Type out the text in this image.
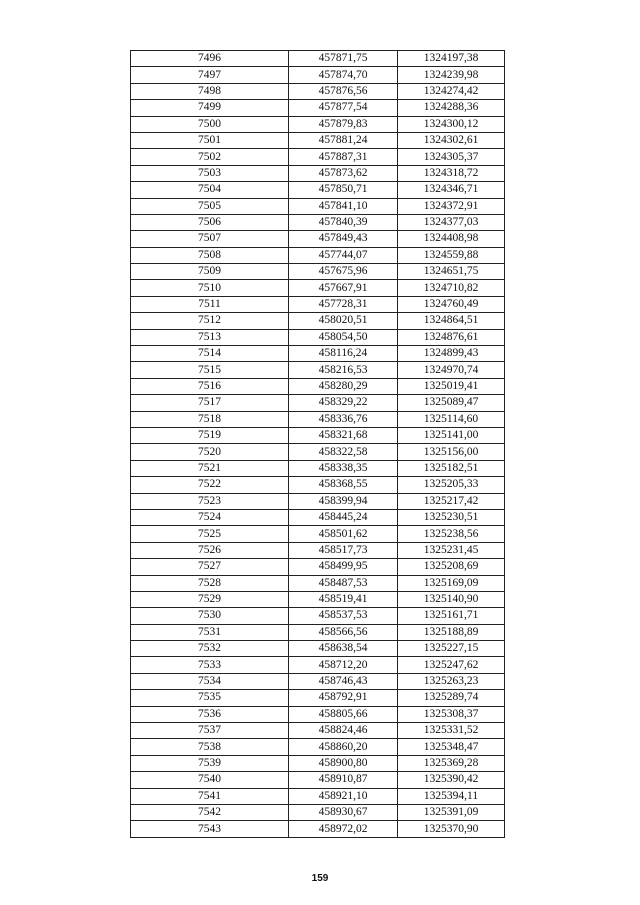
7496	457871,75	1324197,38
7497	457874,70	1324239,98
7498	457876,56	1324274,42
7499	457877,54	1324288,36
7500	457879,83	1324300,12
7501	457881,24	1324302,61
7502	457887,31	1324305,37
7503	457873,62	1324318,72
7504	457850,71	1324346,71
7505	457841,10	1324372,91
7506	457840,39	1324377,03
7507	457849,43	1324408,98
7508	457744,07	1324559,88
7509	457675,96	1324651,75
7510	457667,91	1324710,82
7511	457728,31	1324760,49
7512	458020,51	1324864,51
7513	458054,50	1324876,61
7514	458116,24	1324899,43
7515	458216,53	1324970,74
7516	458280,29	1325019,41
7517	458329,22	1325089,47
7518	458336,76	1325114,60
7519	458321,68	1325141,00
7520	458322,58	1325156,00
7521	458338,35	1325182,51
7522	458368,55	1325205,33
7523	458399,94	1325217,42
7524	458445,24	1325230,51
7525	458501,62	1325238,56
7526	458517,73	1325231,45
7527	458499,95	1325208,69
7528	458487,53	1325169,09
7529	458519,41	1325140,90
7530	458537,53	1325161,71
7531	458566,56	1325188,89
7532	458638,54	1325227,15
7533	458712,20	1325247,62
7534	458746,43	1325263,23
7535	458792,91	1325289,74
7536	458805,66	1325308,37
7537	458824,46	1325331,52
7538	458860,20	1325348,47
7539	458900,80	1325369,28
7540	458910,87	1325390,42
7541	458921,10	1325394,11
7542	458930,67	1325391,09
7543	458972,02	1325370,90
159
